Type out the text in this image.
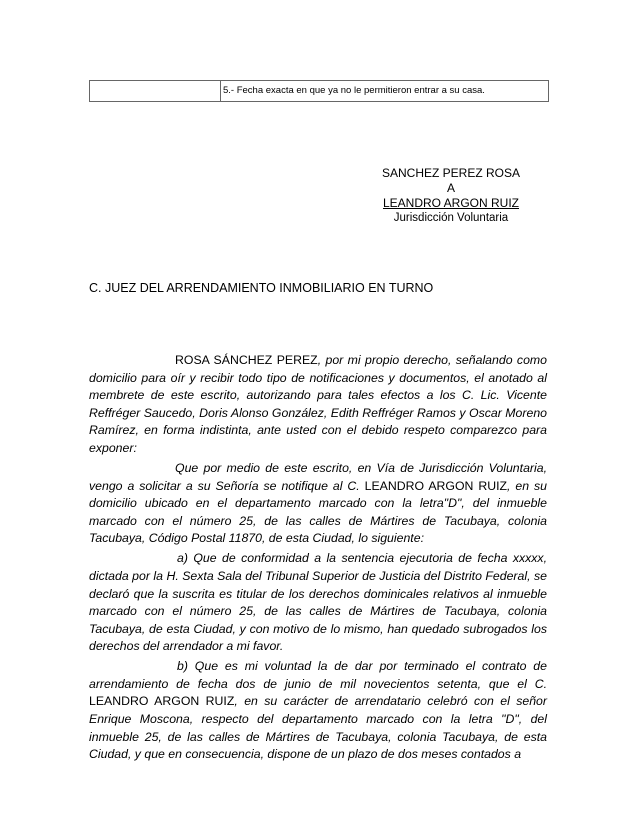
	5.- Fecha exacta en que ya no le permitieron entrar a su casa.
SANCHEZ PEREZ ROSA
A
LEANDRO ARGON RUIZ
Jurisdicción Voluntaria
C. JUEZ DEL ARRENDAMIENTO INMOBILIARIO EN TURNO

ROSA SÁNCHEZ PEREZ, por mi propio derecho, señalando como domicilio para oír y recibir todo tipo de notificaciones y documentos, el anotado al membrete de este escrito, autorizando para tales efectos a los C. Lic. Vicente Reffréger Saucedo, Doris Alonso González, Edith Reffréger Ramos y Oscar Moreno Ramírez, en forma indistinta, ante usted con el debido respeto comparezco para exponer:

Que por medio de este escrito, en Vía de Jurisdicción Voluntaria, vengo a solicitar a su Señoría se notifique al C. LEANDRO ARGON RUIZ, en su domicilio ubicado en el departamento marcado con la letra"D", del inmueble marcado con el número 25, de las calles de Mártires de Tacubaya, colonia Tacubaya, Código Postal 11870, de esta Ciudad, lo siguiente:

a) Que de conformidad a la sentencia ejecutoria de fecha xxxxx, dictada por la H. Sexta Sala del Tribunal Superior de Justicia del Distrito Federal, se declaró que la suscrita es titular de los derechos dominicales relativos al inmueble marcado con el número 25, de las calles de Mártires de Tacubaya, colonia Tacubaya, de esta Ciudad, y con motivo de lo mismo, han quedado subrogados los derechos del arrendador a mi favor.

b) Que es mi voluntad la de dar por terminado el contrato de arrendamiento de fecha dos de junio de mil novecientos setenta, que el C. LEANDRO ARGON RUIZ, en su carácter de arrendatario celebró con el señor Enrique Moscona, respecto del departamento marcado con la letra "D", del inmueble 25, de las calles de Mártires de Tacubaya, colonia Tacubaya, de esta Ciudad, y que en consecuencia, dispone de un plazo de dos meses contados a
